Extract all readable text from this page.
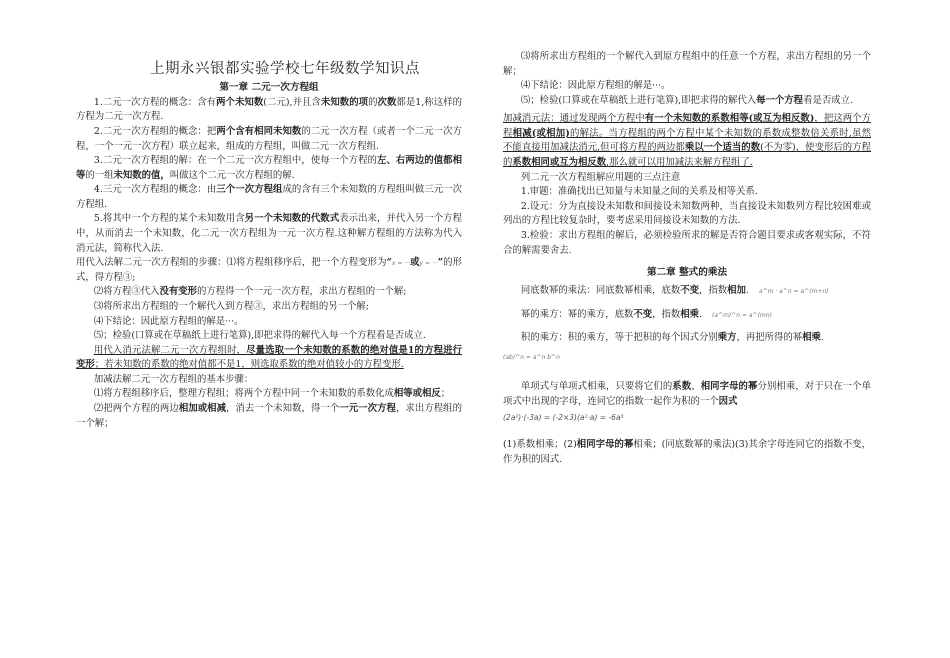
上期永兴银都实验学校七年级数学知识点
第一章 二元一次方程组

1.二元一次方程的概念：含有两个未知数(二元),并且含未知数的项的次数都是1,称这样的方程为二元一次方程.

2.二元一次方程组的概念：把两个含有相同未知数的二元一次方程（或者一个二元一次方程，一个一元一次方程）联立起来，组成的方程组，叫做二元一次方程组.

3.二元一次方程组的解：在一个二元一次方程组中，使每一个方程的左、右两边的值都相等的一组未知数的值，叫做这个二元一次方程组的解.

4.三元一次方程组的概念：由三个一次方程组成的含有三个未知数的方程组叫做三元一次方程组.

5.将其中一个方程的某个未知数用含另一个未知数的代数式表示出来，并代入另一个方程中，从而消去一个未知数，化二元一次方程组为一元一次方程.这种解方程组的方法称为代入消元法，简称代入法.

用代入法解二元一次方程组的步骤：⑴将方程组移序后，把一个方程变形为“x = ···或y = ···”的形式，得方程③;

⑵将方程③代入没有变形的方程得一个一元一次方程，求出方程组的一个解;

⑶将所求出方程组的一个解代入到方程③，求出方程组的另一个解;

⑷下结论：因此原方程组的解是···。

⑸；检验(口算或在草稿纸上进行笔算),即把求得的解代入每一个方程看是否成立.

用代入消元法解二元一次方程组时，尽量选取一个未知数的系数的绝对值是1的方程进行变形；若未知数的系数的绝对值都不是1，则选取系数的绝对值较小的方程变形.

加减法解二元一次方程组的基本步骤：

⑴将方程组移序后，整理方程组；将两个方程中同一个未知数的系数化成相等或相反；

⑵把两个方程的两边相加或相减，消去一个未知数，得一个一元一次方程，求出方程组的一个解；

⑶将所求出方程组的一个解代入到原方程组中的任意一个方程，求出方程组的另一个解；

⑷下结论：因此原方程组的解是···。

⑸；检验(口算或在草稿纸上进行笔算),即把求得的解代入每一个方程看是否成立.

加减消元法：通过发现两个方程中有一个未知数的系数相等(或互为相反数)，把这两个方程相减(或相加)的解法。当方程组的两个方程中某个未知数的系数成整数倍关系时,虽然不能直接用加减法消元,但可将方程的两边都乘以一个适当的数(不为零)，使变形后的方程的系数相同或互为相反数,那么就可以用加减法来解方程组了.

列二元一次方程组解应用题的三点注意

1.审题：准确找出已知量与未知量之间的关系及相等关系.

2.设元：分为直接设未知数和间接设未知数两种，当直接设未知数列方程比较困难或列出的方程比较复杂时，要考虑采用间接设未知数的方法.

3.检验：求出方程组的解后，必须检验所求的解是否符合题目要求或客观实际，不符合的解需要舍去.

第二章 整式的乘法

同底数幂的乘法：同底数幂相乘，底数不变，指数相加. a^m · a^n = a^(m+n)

幂的乘方：幂的乘方，底数不变，指数相乘. (a^m)^n = a^(mn)

积的乘方：积的乘方，等于把积的每个因式分别乘方，再把所得的幂相乘.

(ab)^n = a^n b^n

单项式与单项式相乘，只要将它们的系数、相同字母的幂分别相乘，对于只在一个单项式中出现的字母，连同它的指数一起作为积的一个因式

(2a²)·(-3a) = (-2×3)(a²·a) = -6a³

(1)系数相乘；(2)相同字母的幂相乘；(同底数幂的乘法)(3)其余字母连同它的指数不变，作为积的因式.
